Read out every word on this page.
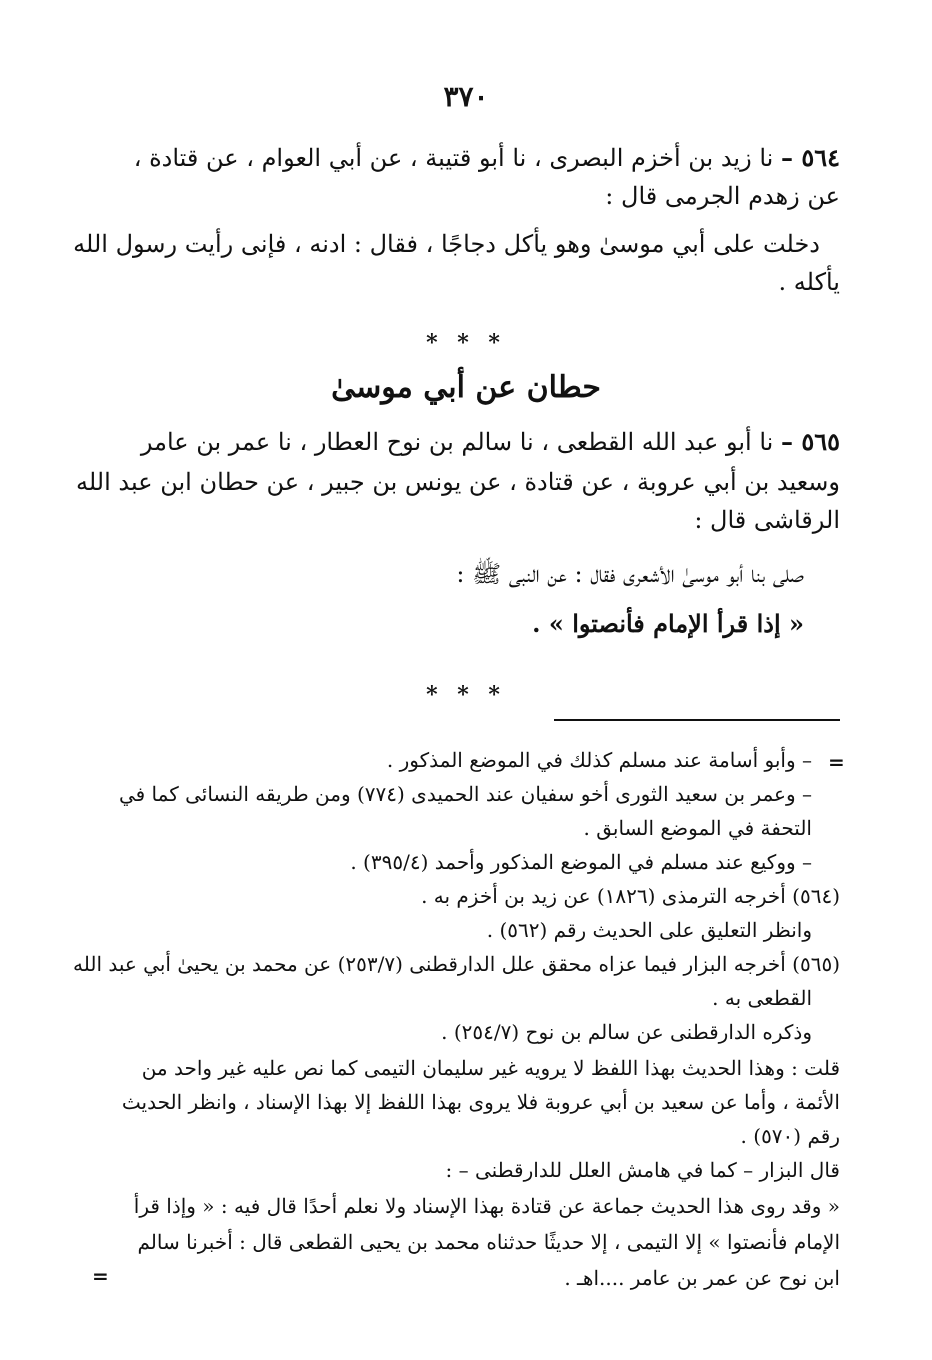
٣٧٠
٥٦٤ – نا زيد بن أخزم البصرى ، نا أبو قتيبة ، عن أبي العوام ، عن قتادة ،
عن زهدم الجرمى قال :
دخلت على أبي موسىٰ وهو يأكل دجاجًا ، فقال : ادنه ، فإنى رأيت رسول الله
يأكله .
* * *
حطان عن أبي موسىٰ
٥٦٥ – نا أبو عبد الله القطعى ، نا سالم بن نوح العطار ، نا عمر بن عامر
وسعيد بن أبي عروبة ، عن قتادة ، عن يونس بن جبير ، عن حطان ابن عبد الله
الرقاشى قال :
صلى بنا أبو موسىٰ الأشعرى فقال : عن النبى ﷺ :
« إذا قرأ الإمام فأنصتوا » .
* * *
=
– وأبو أسامة عند مسلم كذلك في الموضع المذكور .
– وعمر بن سعيد الثورى أخو سفيان عند الحميدى (٧٧٤) ومن طريقه النسائى كما في
التحفة في الموضع السابق .
– ووكيع عند مسلم في الموضع المذكور وأحمد (٣٩٥/٤) .
(٥٦٤) أخرجه الترمذى (١٨٢٦) عن زيد بن أخزم به .
وانظر التعليق على الحديث رقم (٥٦٢) .
(٥٦٥) أخرجه البزار فيما عزاه محقق علل الدارقطنى (٢٥٣/٧) عن محمد بن يحيىٰ أبي عبد الله
القطعى به .
وذكره الدارقطنى عن سالم بن نوح (٢٥٤/٧) .
قلت : وهذا الحديث بهذا اللفظ لا يرويه غير سليمان التيمى كما نص عليه غير واحد من
الأئمة ، وأما عن سعيد بن أبي عروبة فلا يروى بهذا اللفظ إلا بهذا الإسناد ، وانظر الحديث
رقم (٥٧٠) .
قال البزار – كما في هامش العلل للدارقطنى – :
« وقد روى هذا الحديث جماعة عن قتادة بهذا الإسناد ولا نعلم أحدًا قال فيه : « وإذا قرأ
الإمام فأنصتوا » إلا التيمى ، إلا حديثًا حدثناه محمد بن يحيى القطعى قال : أخبرنا سالم
ابن نوح عن عمر بن عامر ....اهـ .
=
